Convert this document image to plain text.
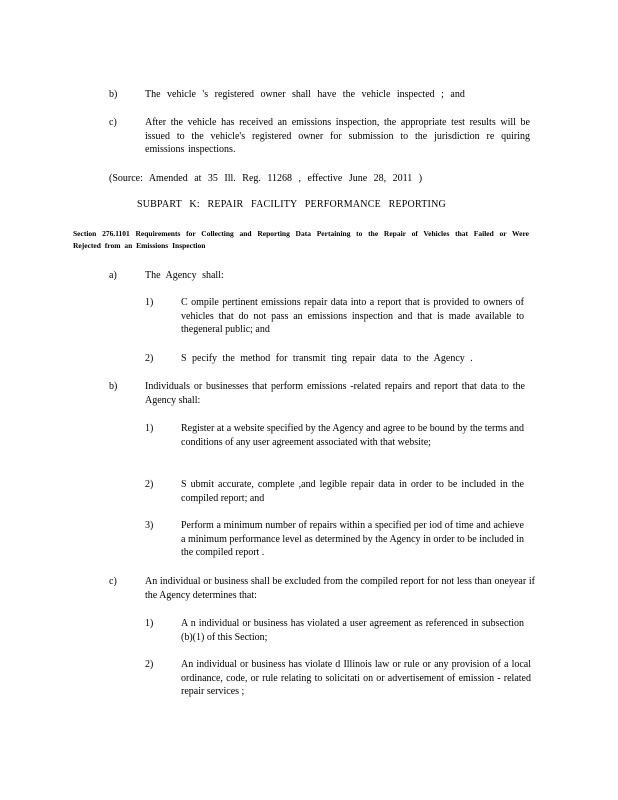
b)	The vehicle 's registered owner shall have the vehicle inspected ; and
c)	After the vehicle has received an emissions inspection, the appropriate test results will be issued to the vehicle's registered owner for submission to the jurisdiction re quiring emissions inspections.
(Source: Amended at 35 Ill. Reg. 11268 , effective June 28, 2011 )
SUBPART K: REPAIR FACILITY PERFORMANCE REPORTING
Section 276.1101 Requirements for Collecting and Reporting Data Pertaining to the Repair of Vehicles that Failed or Were Rejected from an Emissions Inspection
a)	The Agency shall:
1)	C ompile pertinent emissions repair data into a report that is provided to owners of vehicles that do not pass an emissions inspection and that is made available to thegeneral public; and
2)	S pecify the method for transmit ting repair data to the Agency .
b)	Individuals or businesses that perform emissions -related repairs and report that data to the Agency shall:
1)	Register at a website specified by the Agency and agree to be bound by the terms and conditions of any user agreement associated with that website;
2)	S ubmit accurate, complete ,and legible repair data in order to be included in the compiled report; and
3)	Perform a minimum number of repairs within a specified per iod of time and achieve a minimum performance level as determined by the Agency in order to be included in the compiled report .
c)	An individual or business shall be excluded from the compiled report for not less than oneyear if the Agency determines that:
1)	A n individual or business has violated a user agreement as referenced in subsection (b)(1) of this Section;
2)	An individual or business has violate d Illinois law or rule or any provision of a local ordinance, code, or rule relating to solicitati on or advertisement of emission - related repair services ;
